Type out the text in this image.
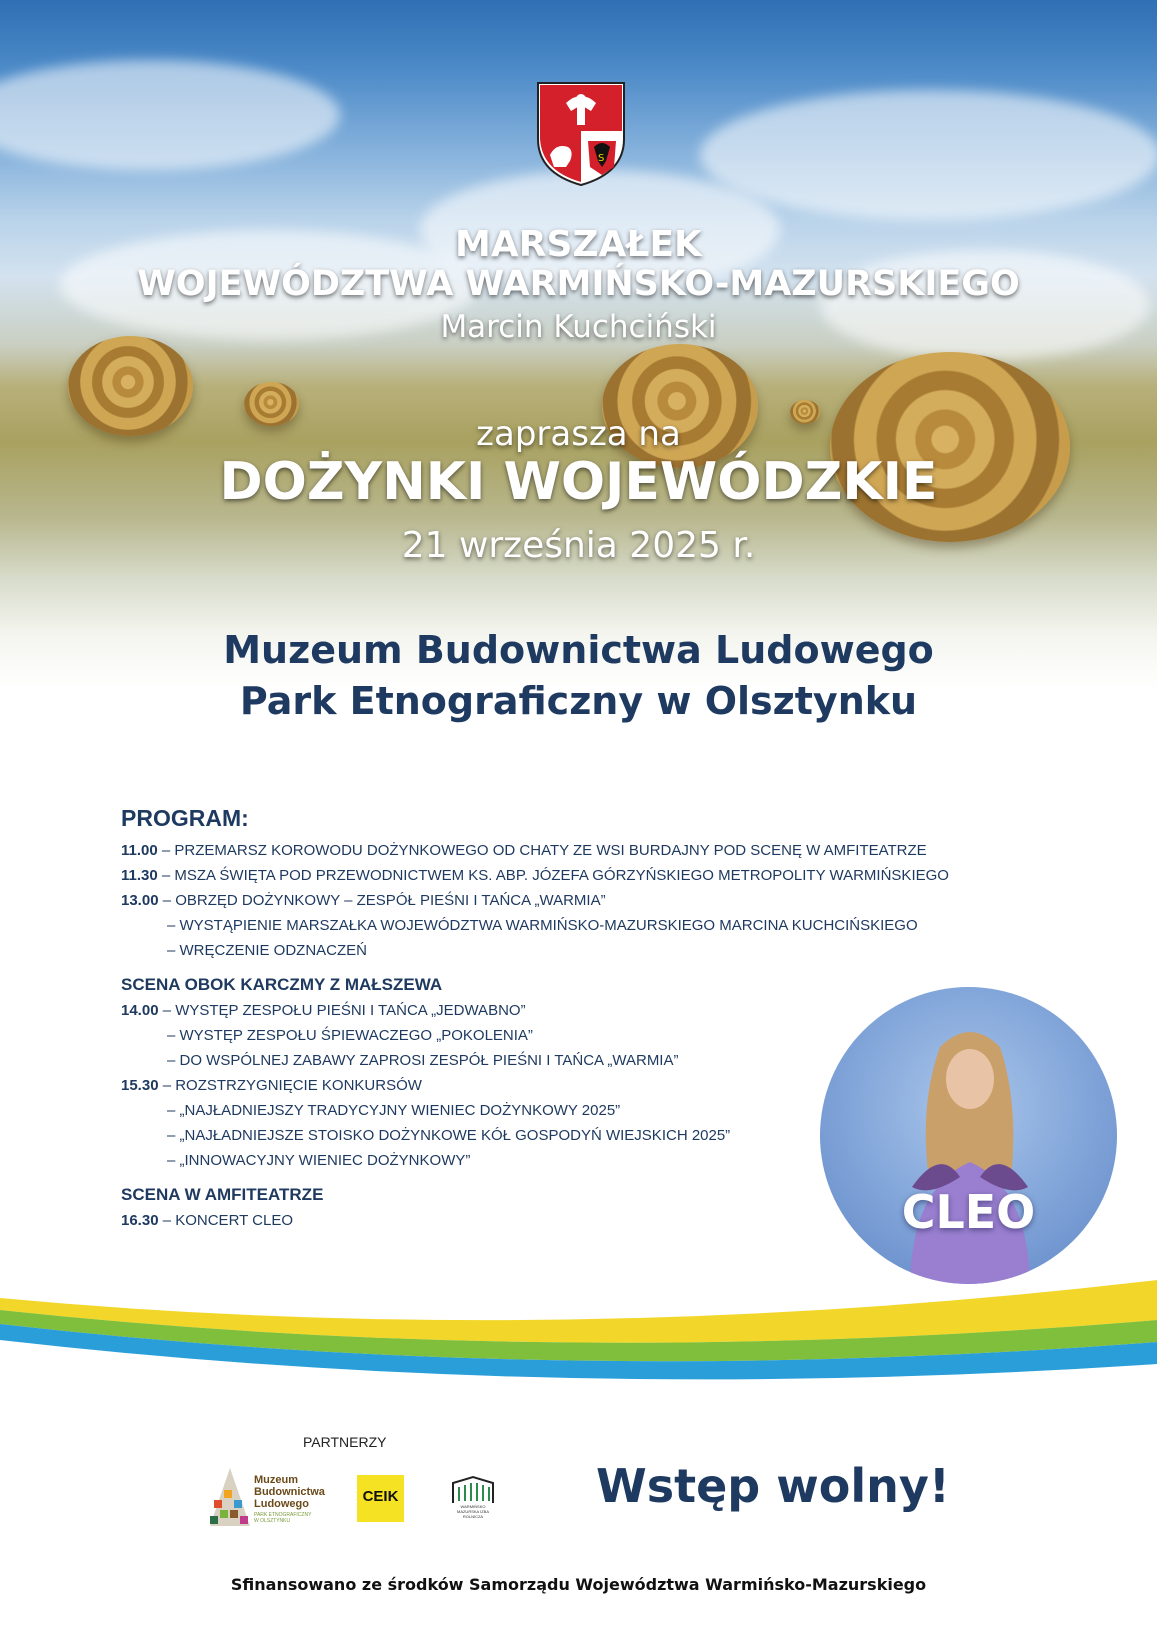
S
MARSZAŁEK
WOJEWÓDZTWA WARMIŃSKO-MAZURSKIEGO
Marcin Kuchciński
zaprasza na
DOŻYNKI WOJEWÓDZKIE
21 września 2025 r.
Muzeum Budownictwa Ludowego
Park Etnograficzny w Olsztynku
PROGRAM:
11.00 – PRZEMARSZ KOROWODU DOŻYNKOWEGO OD CHATY ZE WSI BURDAJNY POD SCENĘ W AMFITEATRZE
11.30 – MSZA ŚWIĘTA POD PRZEWODNICTWEM KS. ABP. JÓZEFA GÓRZYŃSKIEGO METROPOLITY WARMIŃSKIEGO
13.00 – OBRZĘD DOŻYNKOWY – ZESPÓŁ PIEŚNI I TAŃCA „WARMIA”
– WYSTĄPIENIE MARSZAŁKA WOJEWÓDZTWA WARMIŃSKO-MAZURSKIEGO MARCINA KUCHCIŃSKIEGO
– WRĘCZENIE ODZNACZEŃ
SCENA OBOK KARCZMY Z MAŁSZEWA
14.00 – WYSTĘP ZESPOŁU PIEŚNI I TAŃCA „JEDWABNO”
– WYSTĘP ZESPOŁU ŚPIEWACZEGO „POKOLENIA”
– DO WSPÓLNEJ ZABAWY ZAPROSI ZESPÓŁ PIEŚNI I TAŃCA „WARMIA”
15.30 – ROZSTRZYGNIĘCIE KONKURSÓW
– „NAJŁADNIEJSZY TRADYCYJNY WIENIEC DOŻYNKOWY 2025”
– „NAJŁADNIEJSZE STOISKO DOŻYNKOWE KÓŁ GOSPODYŃ WIEJSKICH 2025”
– „INNOWACYJNY WIENIEC DOŻYNKOWY”
SCENA W AMFITEATRZE
16.30 – KONCERT CLEO	CLEO
PARTNERZY
Muzeum
Budownictwa
Ludowego
PARK ETNOGRAFICZNY
W OLSZTYNKU
CEIK
WARMIŃSKO MAZURSKA IZBA ROLNICZA
Wstęp wolny!
Sfinansowano ze środków Samorządu Województwa Warmińsko-Mazurskiego
